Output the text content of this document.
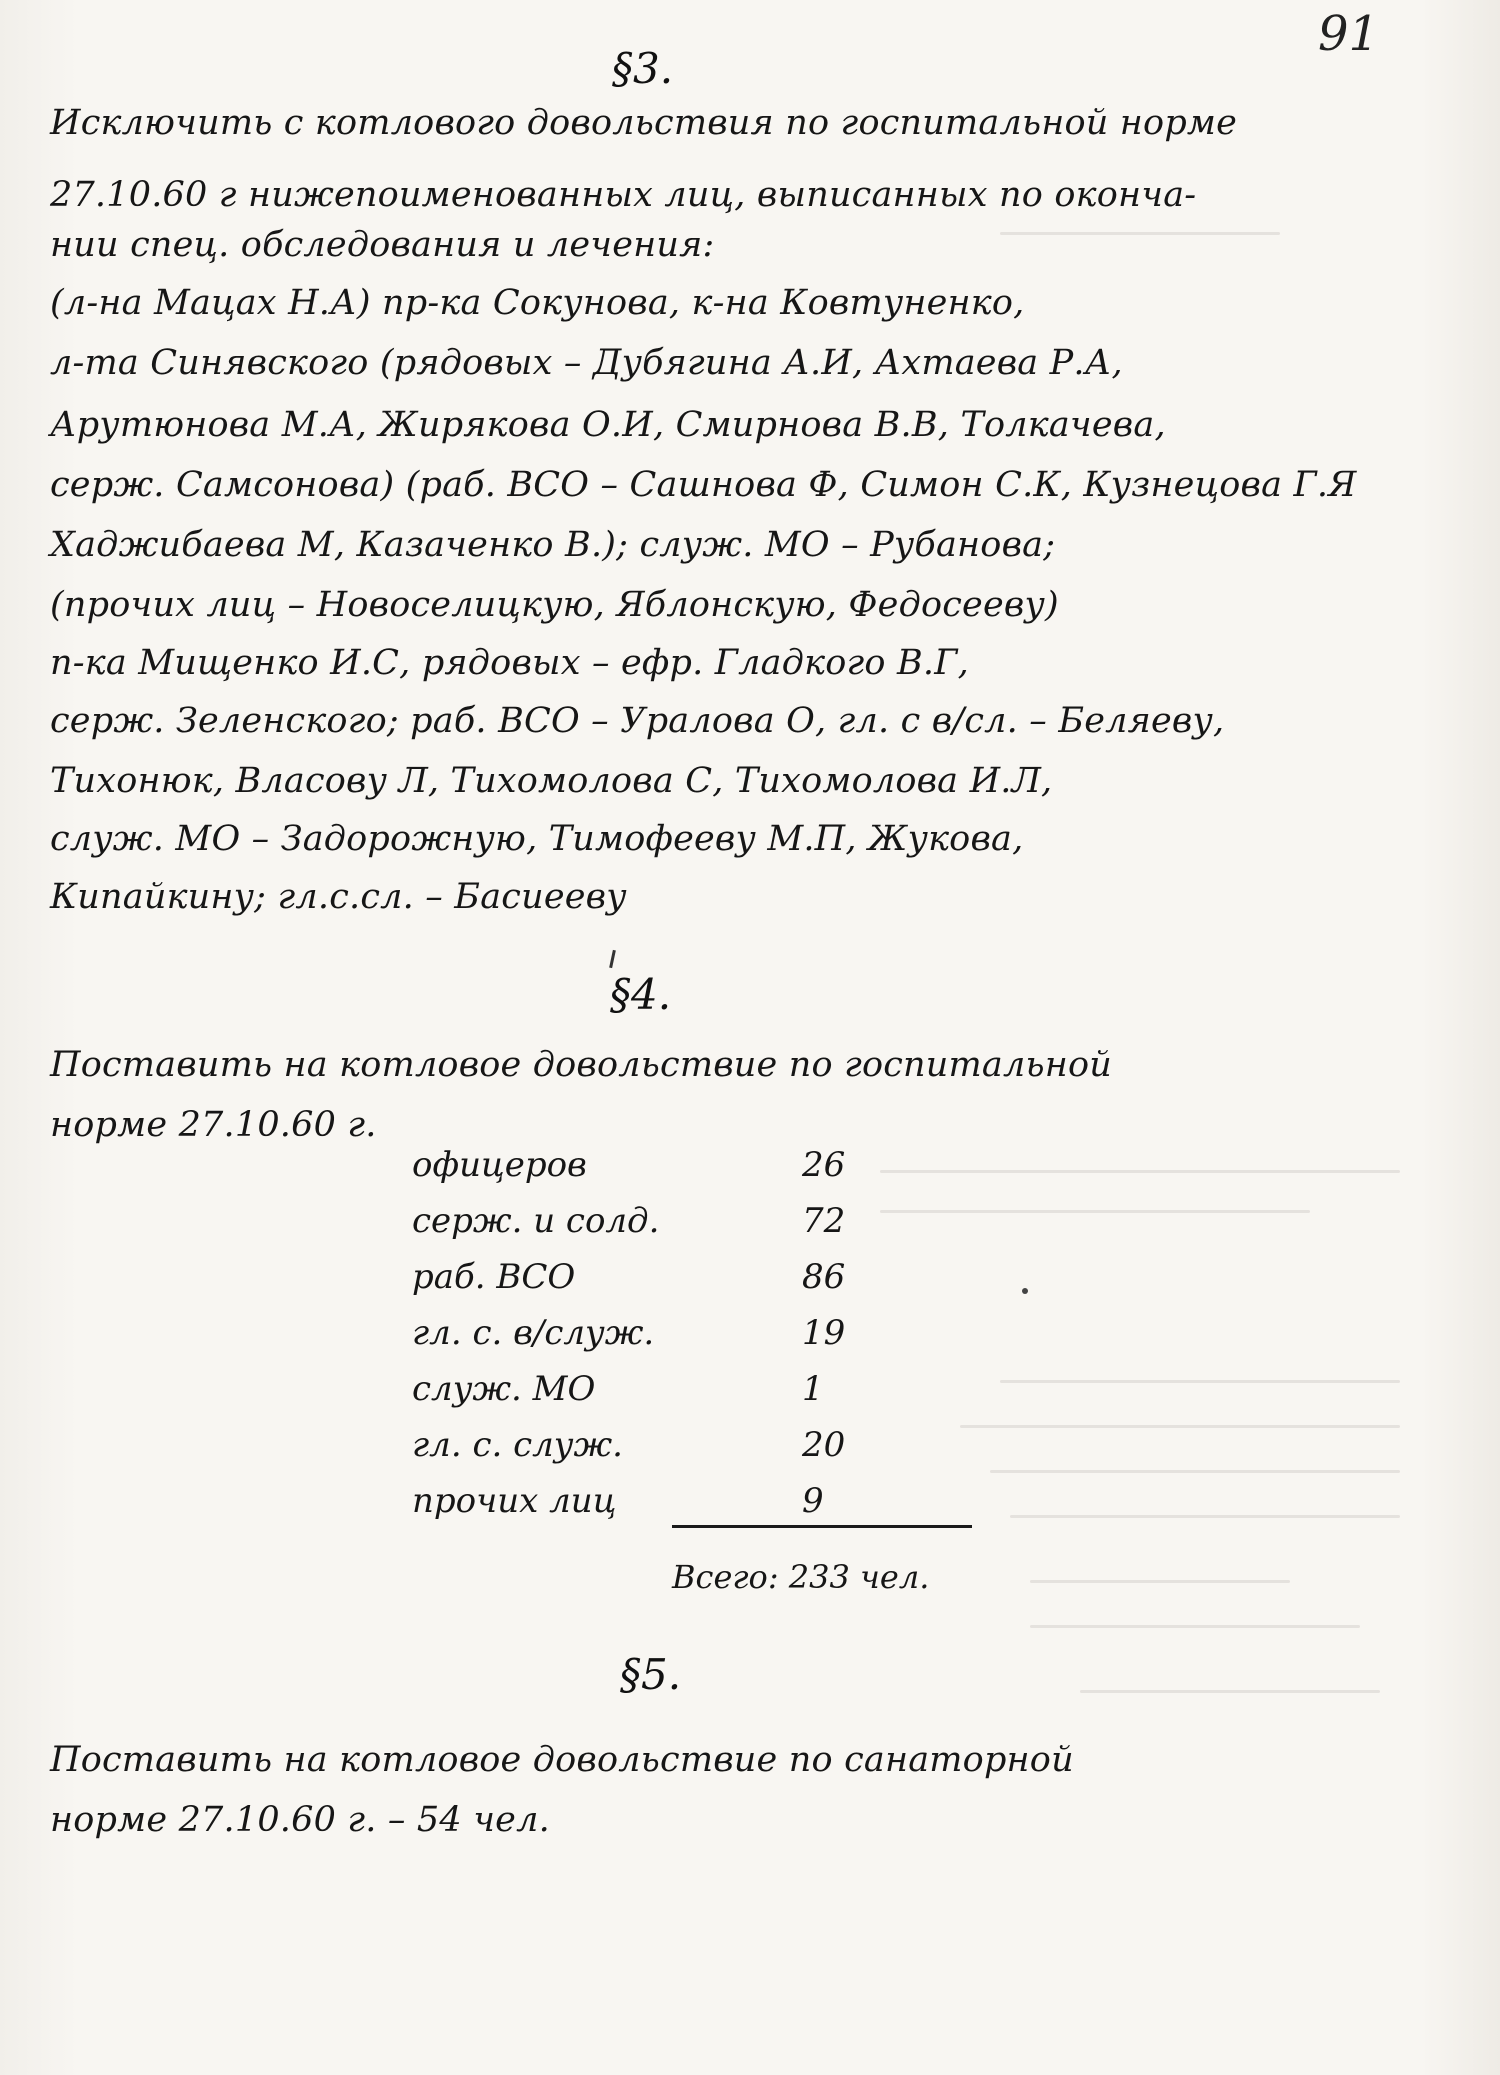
91
§3.
Исключить с котлового довольствия по госпитальной норме
27.10.60 г нижепоименованных лиц, выписанных по окончa-
нии спец. обследования и лечения:
(л-на Мацах Н.А) пр-ка Сокунова, к-на Ковтуненко,
л-та Синявского (рядовых – Дубягина А.И, Ахтаева Р.А,
Арутюнова М.А, Жирякова О.И, Смирнова В.В, Толкачева,
серж. Самсонова) (раб. ВСО – Сашнова Ф, Симон С.К, Кузнецова Г.Я
Хаджибаева М, Казаченко В.); служ. МО – Рубанова;
(прочих лиц – Новоселицкую, Яблонскую, Федосееву)
п-ка Мищенко И.С, рядовых – ефр. Гладкого В.Г,
серж. Зеленского; раб. ВСО – Уралова О, гл. с в/сл. – Беляеву,
Тихонюк, Власову Л, Тихомолова С, Тихомолова И.Л,
служ. МО – Задорожную, Тимофееву М.П, Жукова,
Кипайкину; гл.с.сл. – Басиееву
§4.
Поставить на котловое довольствие по госпитальной
норме 27.10.60 г.
офицеров	26
серж. и солд.	72
раб. ВСО	86
гл. с. в/служ.	19
служ. МО	1
гл. с. служ.	20
прочих лиц	9
Всего: 233 чел.
§5.
Поставить на котловое довольствие по санаторной
норме 27.10.60 г. – 54 чел.
